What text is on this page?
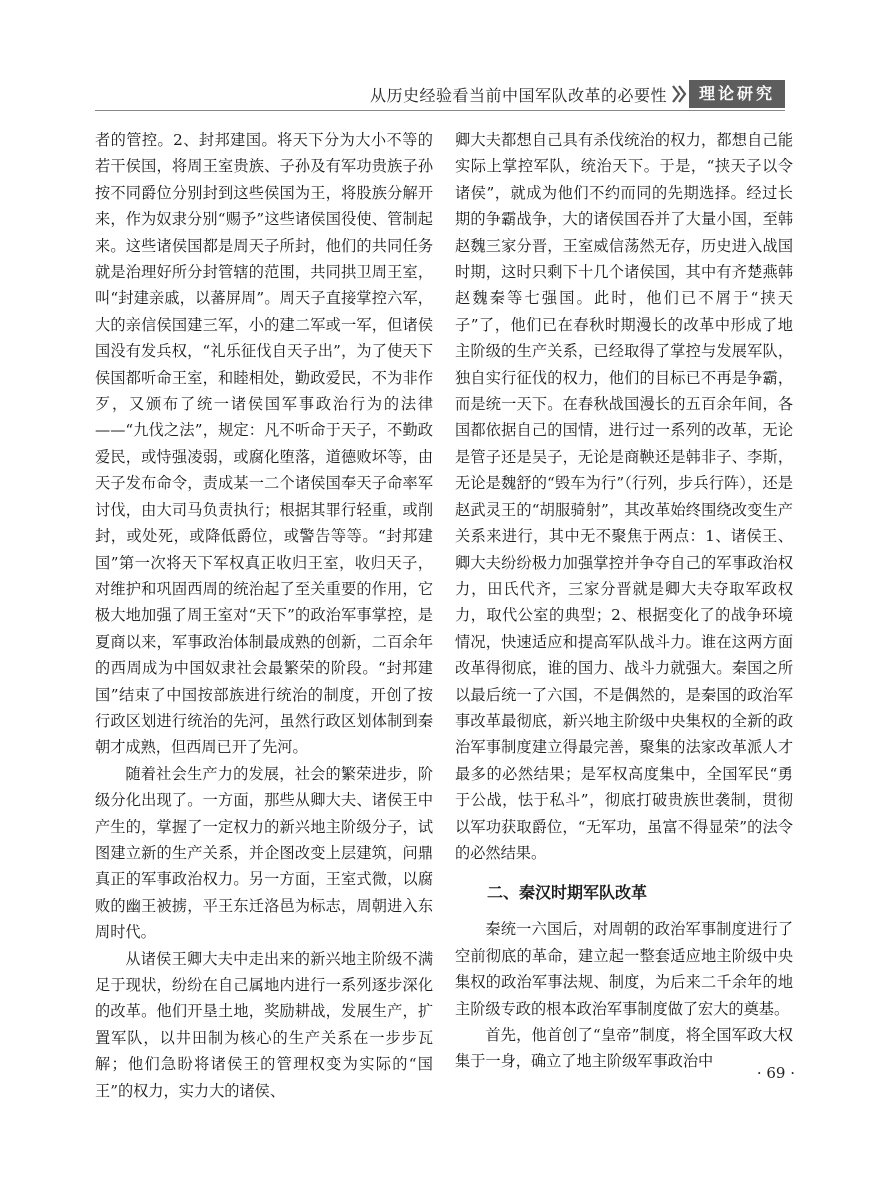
从历史经验看当前中国军队改革的必要性	理论研究

者的管控。2、封邦建国。将天下分为大小不等的若干侯国，将周王室贵族、子孙及有军功贵族子孙按不同爵位分别封到这些侯国为王，将股族分解开来，作为奴隶分别“赐予”这些诸侯国役使、管制起来。这些诸侯国都是周天子所封，他们的共同任务就是治理好所分封管辖的范围，共同拱卫周王室，叫“封建亲戚，以蕃屏周”。周天子直接掌控六军，大的亲信侯国建三军，小的建二军或一军，但诸侯国没有发兵权，“礼乐征伐自天子出”，为了使天下侯国都听命王室，和睦相处，勤政爱民，不为非作歹，又颁布了统一诸侯国军事政治行为的法律——“九伐之法”，规定：凡不听命于天子，不勤政爱民，或恃强凌弱，或腐化堕落，道德败坏等，由天子发布命令，责成某一二个诸侯国奉天子命率军讨伐，由大司马负责执行；根据其罪行轻重，或削封，或处死，或降低爵位，或警告等等。“封邦建国”第一次将天下军权真正收归王室，收归天子，对维护和巩固西周的统治起了至关重要的作用，它极大地加强了周王室对“天下”的政治军事掌控，是夏商以来，军事政治体制最成熟的创新，二百余年的西周成为中国奴隶社会最繁荣的阶段。“封邦建国”结束了中国按部族进行统治的制度，开创了按行政区划进行统治的先河，虽然行政区划体制到秦朝才成熟，但西周已开了先河。

随着社会生产力的发展，社会的繁荣进步，阶级分化出现了。一方面，那些从卿大夫、诸侯王中产生的，掌握了一定权力的新兴地主阶级分子，试图建立新的生产关系，并企图改变上层建筑，问鼎真正的军事政治权力。另一方面，王室式微，以腐败的幽王被掳，平王东迁洛邑为标志，周朝进入东周时代。

从诸侯王卿大夫中走出来的新兴地主阶级不满足于现状，纷纷在自己属地内进行一系列逐步深化的改革。他们开垦土地，奖励耕战，发展生产，扩置军队，以井田制为核心的生产关系在一步步瓦解；他们急盼将诸侯王的管理权变为实际的“国王”的权力，实力大的诸侯、

卿大夫都想自己具有杀伐统治的权力，都想自己能实际上掌控军队，统治天下。于是，“挟天子以令诸侯”，就成为他们不约而同的先期选择。经过长期的争霸战争，大的诸侯国吞并了大量小国，至韩赵魏三家分晋，王室威信荡然无存，历史进入战国时期，这时只剩下十几个诸侯国，其中有齐楚燕韩赵魏秦等七强国。此时，他们已不屑于“挟天子”了，他们已在春秋时期漫长的改革中形成了地主阶级的生产关系，已经取得了掌控与发展军队，独自实行征伐的权力，他们的目标已不再是争霸，而是统一天下。在春秋战国漫长的五百余年间，各国都依据自己的国情，进行过一系列的改革，无论是管子还是吴子，无论是商鞅还是韩非子、李斯，无论是魏舒的“毁车为行”（行列，步兵行阵），还是赵武灵王的“胡服骑射”，其改革始终围绕改变生产关系来进行，其中无不聚焦于两点：1、诸侯王、卿大夫纷纷极力加强掌控并争夺自己的军事政治权力，田氏代齐，三家分晋就是卿大夫夺取军政权力，取代公室的典型；2、根据变化了的战争环境情况，快速适应和提高军队战斗力。谁在这两方面改革得彻底，谁的国力、战斗力就强大。秦国之所以最后统一了六国，不是偶然的，是秦国的政治军事改革最彻底，新兴地主阶级中央集权的全新的政治军事制度建立得最完善，聚集的法家改革派人才最多的必然结果；是军权高度集中，全国军民“勇于公战，怯于私斗”，彻底打破贵族世袭制，贯彻以军功获取爵位，“无军功，虽富不得显荣”的法令的必然结果。

二、秦汉时期军队改革

秦统一六国后，对周朝的政治军事制度进行了空前彻底的革命，建立起一整套适应地主阶级中央集权的政治军事法规、制度，为后来二千余年的地主阶级专政的根本政治军事制度做了宏大的奠基。

首先，他首创了“皇帝”制度，将全国军政大权集于一身，确立了地主阶级军事政治中

· 69 ·
